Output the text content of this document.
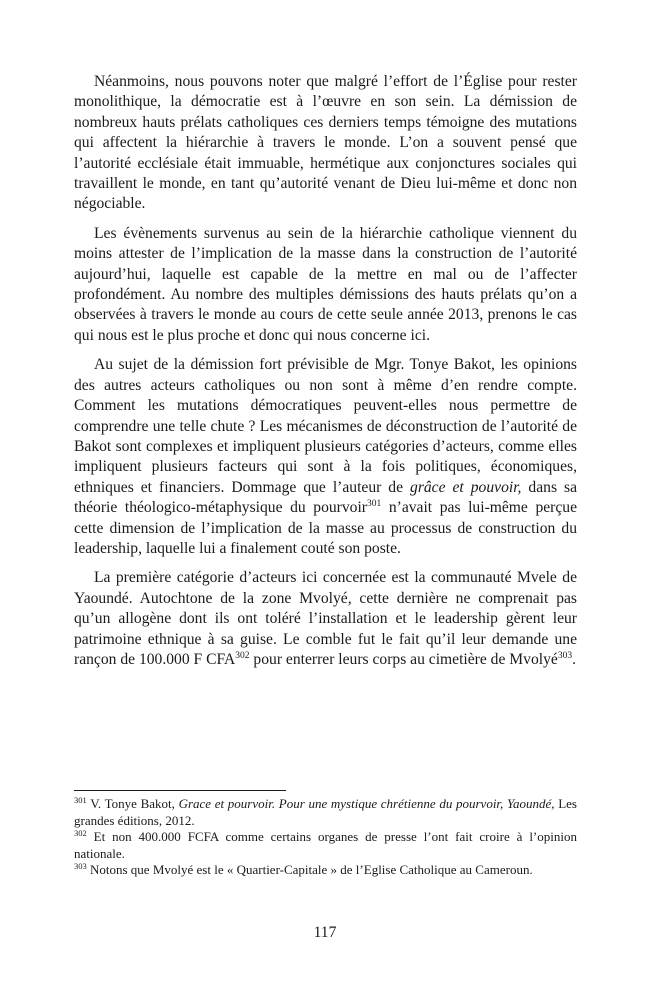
Néanmoins, nous pouvons noter que malgré l’effort de l’Église pour rester monolithique, la démocratie est à l’œuvre en son sein. La démission de nombreux hauts prélats catholiques ces derniers temps témoigne des mutations qui affectent la hiérarchie à travers le monde. L’on a souvent pensé que l’autorité ecclésiale était immuable, hermétique aux conjonctures sociales qui travaillent le monde, en tant qu’autorité venant de Dieu lui-même et donc non négociable.

Les évènements survenus au sein de la hiérarchie catholique viennent du moins attester de l’implication de la masse dans la construction de l’autorité aujourd’hui, laquelle est capable de la mettre en mal ou de l’affecter profondément. Au nombre des multiples démissions des hauts prélats qu’on a observées à travers le monde au cours de cette seule année 2013, prenons le cas qui nous est le plus proche et donc qui nous concerne ici.

Au sujet de la démission fort prévisible de Mgr. Tonye Bakot, les opinions des autres acteurs catholiques ou non sont à même d’en rendre compte. Comment les mutations démocratiques peuvent-elles nous permettre de comprendre une telle chute ? Les mécanismes de déconstruction de l’autorité de Bakot sont complexes et impliquent plusieurs catégories d’acteurs, comme elles impliquent plusieurs facteurs qui sont à la fois politiques, économiques, ethniques et financiers. Dommage que l’auteur de grâce et pouvoir, dans sa théorie théologico-métaphysique du pourvoir$^{301}$ n’avait pas lui-même perçue cette dimension de l’implication de la masse au processus de construction du leadership, laquelle lui a finalement couté son poste.

La première catégorie d’acteurs ici concernée est la communauté Mvele de Yaoundé. Autochtone de la zone Mvolyé, cette dernière ne comprenait pas qu’un allogène dont ils ont toléré l’installation et le leadership gèrent leur patrimoine ethnique à sa guise. Le comble fut le fait qu’il leur demande une rançon de 100.000 F CFA$^{302}$ pour enterrer leurs corps au cimetière de Mvolyé$^{303}$.

$^{301}$ V. Tonye Bakot, Grace et pourvoir. Pour une mystique chrétienne du pourvoir, Yaoundé, Les grandes éditions, 2012.

$^{302}$ Et non 400.000 FCFA comme certains organes de presse l’ont fait croire à l’opinion nationale.

$^{303}$ Notons que Mvolyé est le « Quartier-Capitale » de l’Eglise Catholique au Cameroun.

117
